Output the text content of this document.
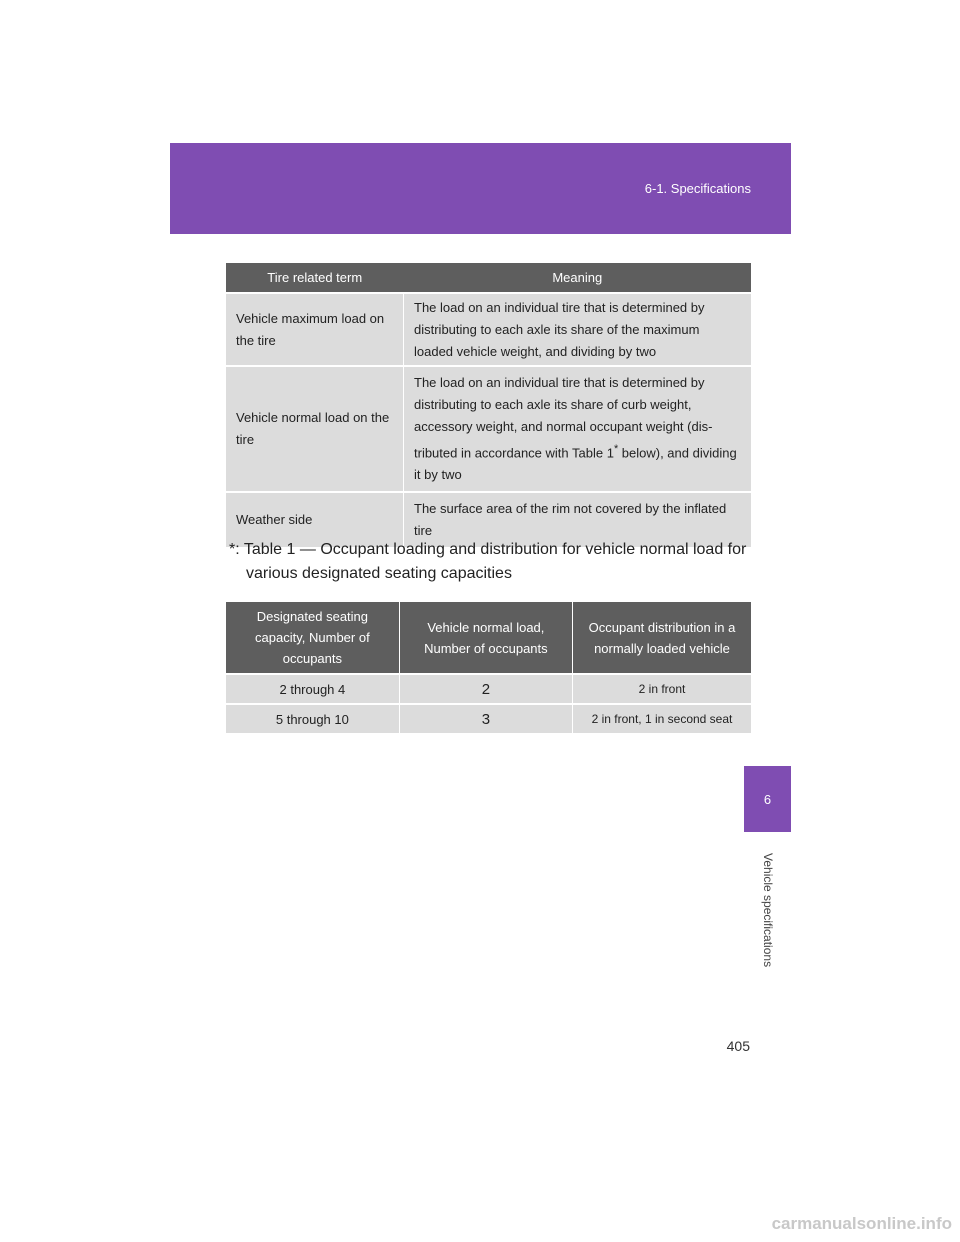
6-1. Specifications
6
Vehicle specifications
Tire related term	Meaning
Vehicle maximum load on the tire	The load on an individual tire that is determined by distributing to each axle its share of the maximum loaded vehicle weight, and dividing by two
Vehicle normal load on the tire	The load on an individual tire that is determined by distributing to each axle its share of curb weight, accessory weight, and normal occupant weight (dis-tributed in accordance with Table 1* below), and dividing it by two
Weather side	The surface area of the rim not covered by the inflated tire
*: Table 1 — Occupant loading and distribution for vehicle normal load for
various designated seating capacities
Designated seating capacity, Number of occupants	Vehicle normal load, Number of occupants	Occupant distribution in a normally loaded vehicle
2 through 4	2	2 in front
5 through 10	3	2 in front, 1 in second seat
405
carmanualsonline.info
